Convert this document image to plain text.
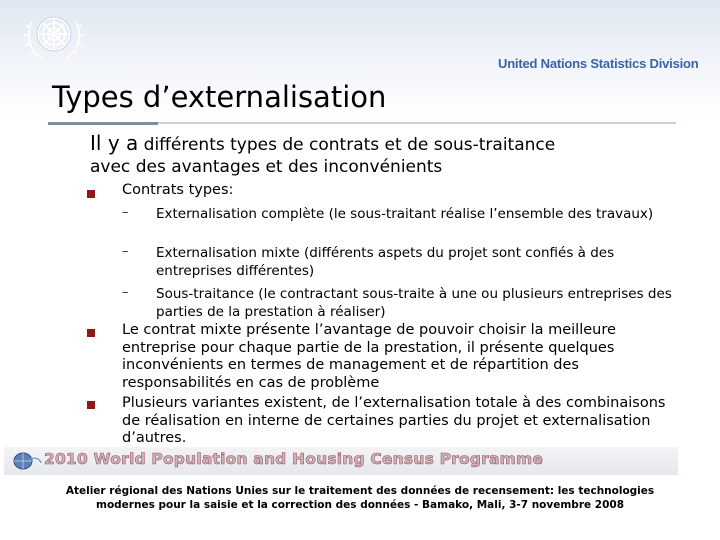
United Nations Statistics Division
Types d’externalisation
Il y a différents types de contrats et de sous-traitance
avec des avantages et des inconvénients
Contrats types:
– Externalisation complète (le sous-traitant réalise l’ensemble des travaux)
– Externalisation mixte (différents aspets du projet sont confiés à des entreprises différentes)
– Sous-traitance (le contractant sous-traite à une ou plusieurs entreprises des parties de la prestation à réaliser)
Le contrat mixte présente l’avantage de pouvoir choisir la meilleure entreprise pour chaque partie de la prestation, il présente quelques inconvénients en termes de management et de répartition des responsabilités en cas de problème
Plusieurs variantes existent, de l’externalisation totale à des combinaisons de réalisation en interne de certaines parties du projet et externalisation d’autres.
2010 World Population and Housing Census Programme
Atelier régional des Nations Unies sur le traitement des données de recensement: les technologies
modernes pour la saisie et la correction des données - Bamako, Mali, 3-7 novembre 2008
